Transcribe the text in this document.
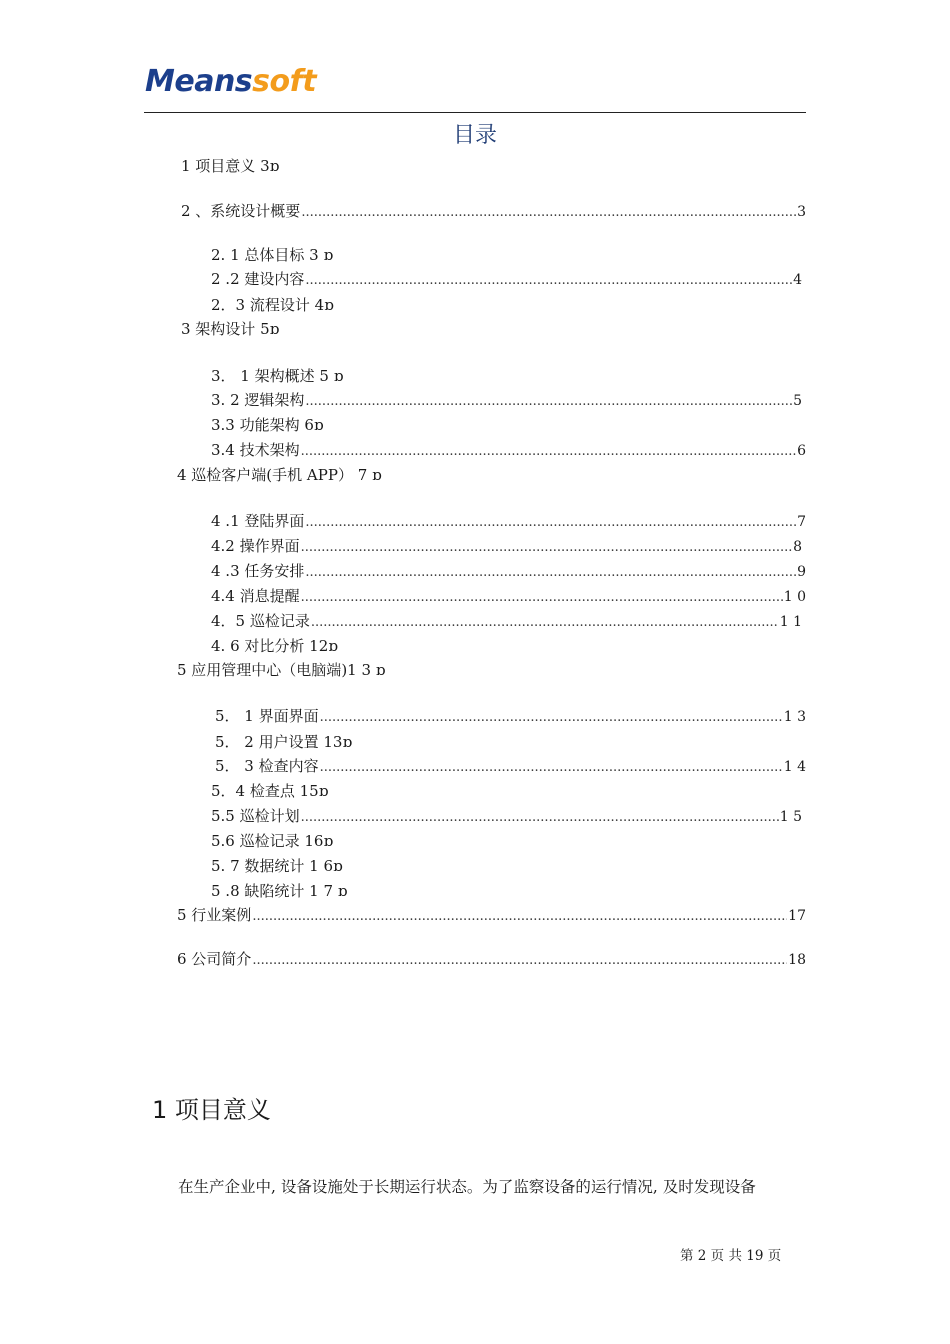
Meanssoft
目录
1 项目意义 3ɒ
2 、系统设计概要 .....	3
2. 1 总体目标 3 ɒ
2 .2 建设内容 .....	4
2．3 流程设计 4ɒ
3 架构设计 5ɒ
3． 1 架构概述 5 ɒ
3. 2 逻辑架构 .....	5
3.3 功能架构 6ɒ
3.4 技术架构 .....	6
4 巡检客户端(手机 APP） 7 ɒ
4 .1 登陆界面 .....	7
4.2 操作界面 .....	8
4 .3 任务安排 .....	9
4.4 消息提醒 .....	1 0
4．5 巡检记录 .....	1 1
4. 6 对比分析 12ɒ
5 应用管理中心（电脑端)1 3 ɒ
5． 1 界面界面 .....	1 3
5． 2 用户设置 13ɒ
5． 3 检查内容 .....	1 4
5．4 检查点 15ɒ
5.5 巡检计划 .....	1 5
5.6 巡检记录 16ɒ
5. 7 数据统计 1 6ɒ
5 .8 缺陷统计 1 7 ɒ
5 行业案例 .....	17
6 公司简介 .....	18
1 项目意义
在生产企业中, 设备设施处于长期运行状态。为了监察设备的运行情况, 及时发现设备
第 2 页 共 19 页
